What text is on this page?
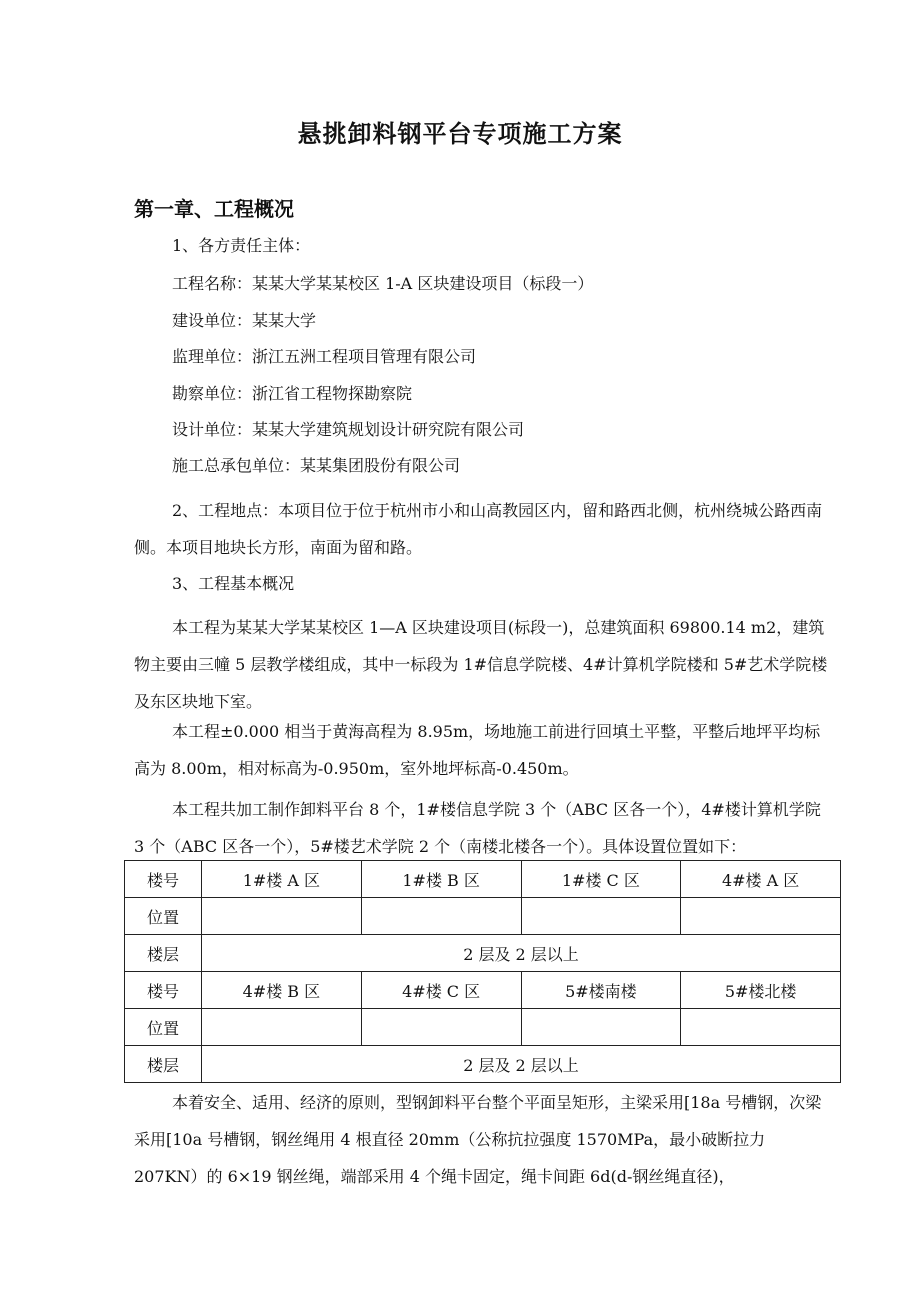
悬挑卸料钢平台专项施工方案
第一章、工程概况
1、各方责任主体：
工程名称：某某大学某某校区 1-A 区块建设项目（标段一）
建设单位：某某大学
监理单位：浙江五洲工程项目管理有限公司
勘察单位：浙江省工程物探勘察院
设计单位：某某大学建筑规划设计研究院有限公司
施工总承包单位：某某集团股份有限公司
2、工程地点：本项目位于位于杭州市小和山高教园区内，留和路西北侧，杭州绕城公路西南侧。本项目地块长方形，南面为留和路。
3、工程基本概况
本工程为某某大学某某校区 1—A 区块建设项目(标段一)，总建筑面积 69800.14 m2，建筑物主要由三幢 5 层教学楼组成，其中一标段为 1#信息学院楼、4#计算机学院楼和 5#艺术学院楼及东区块地下室。
本工程±0.000 相当于黄海高程为 8.95m，场地施工前进行回填土平整，平整后地坪平均标高为 8.00m，相对标高为-0.950m，室外地坪标高-0.450m。
本工程共加工制作卸料平台 8 个，1#楼信息学院 3 个（ABC 区各一个），4#楼计算机学院 3 个（ABC 区各一个），5#楼艺术学院 2 个（南楼北楼各一个）。具体设置位置如下：
楼号	1#楼 A 区	1#楼 B 区	1#楼 C 区	4#楼 A 区
位置				
楼层	2 层及 2 层以上			
楼号	4#楼 B 区	4#楼 C 区	5#楼南楼	5#楼北楼
位置				
楼层	2 层及 2 层以上			
本着安全、适用、经济的原则，型钢卸料平台整个平面呈矩形，主梁采用[18a 号槽钢，次梁采用[10a 号槽钢，钢丝绳用 4 根直径 20mm（公称抗拉强度 1570MPa，最小破断拉力 207KN）的 6×19 钢丝绳，端部采用 4 个绳卡固定，绳卡间距 6d(d-钢丝绳直径)，
